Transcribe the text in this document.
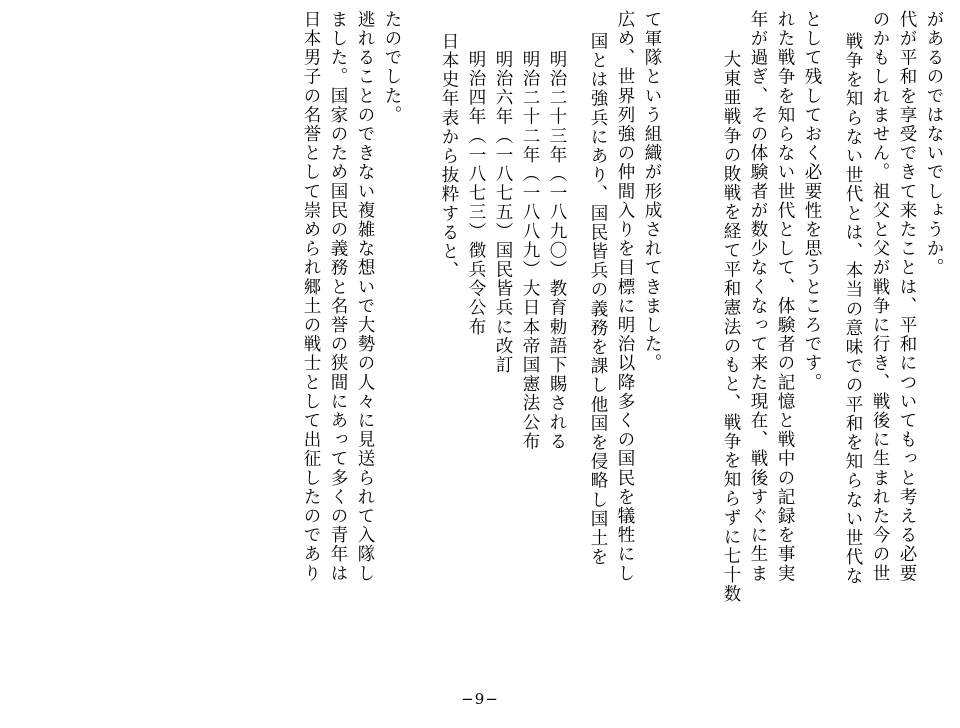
日本男子の名誉として崇められ郷土の戦士として出征したのであり ました。国家のため国民の義務と名誉の狭間にあって多くの青年は 逃れることのできない複雑な想いで大勢の人々に見送られて入隊し たのでした。	日本史年表から抜粋すると、 明治四年（一八七三）徴兵令公布 明治六年（一八七五）国民皆兵に改訂 明治二十二年（一八八九）大日本帝国憲法公布 明治二十三年（一八九〇）教育勅語下賜される	国とは強兵にあり、国民皆兵の義務を課し他国を侵略し国土を 広め、世界列強の仲間入りを目標に明治以降多くの国民を犠牲にし て軍隊という組織が形成されてきました。	大東亜戦争の敗戦を経て平和憲法のもと、戦争を知らずに七十数 年が過ぎ、その体験者が数少なくなって来た現在、戦後すぐに生ま れた戦争を知らない世代として、体験者の記憶と戦中の記録を事実 として残しておく必要性を思うところです。	戦争を知らない世代とは、本当の意味での平和を知らない世代な のかもしれません。祖父と父が戦争に行き、戦後に生まれた今の世 代が平和を享受できて来たことは、平和についてもっと考える必要 があるのではないでしょうか。
−9−
